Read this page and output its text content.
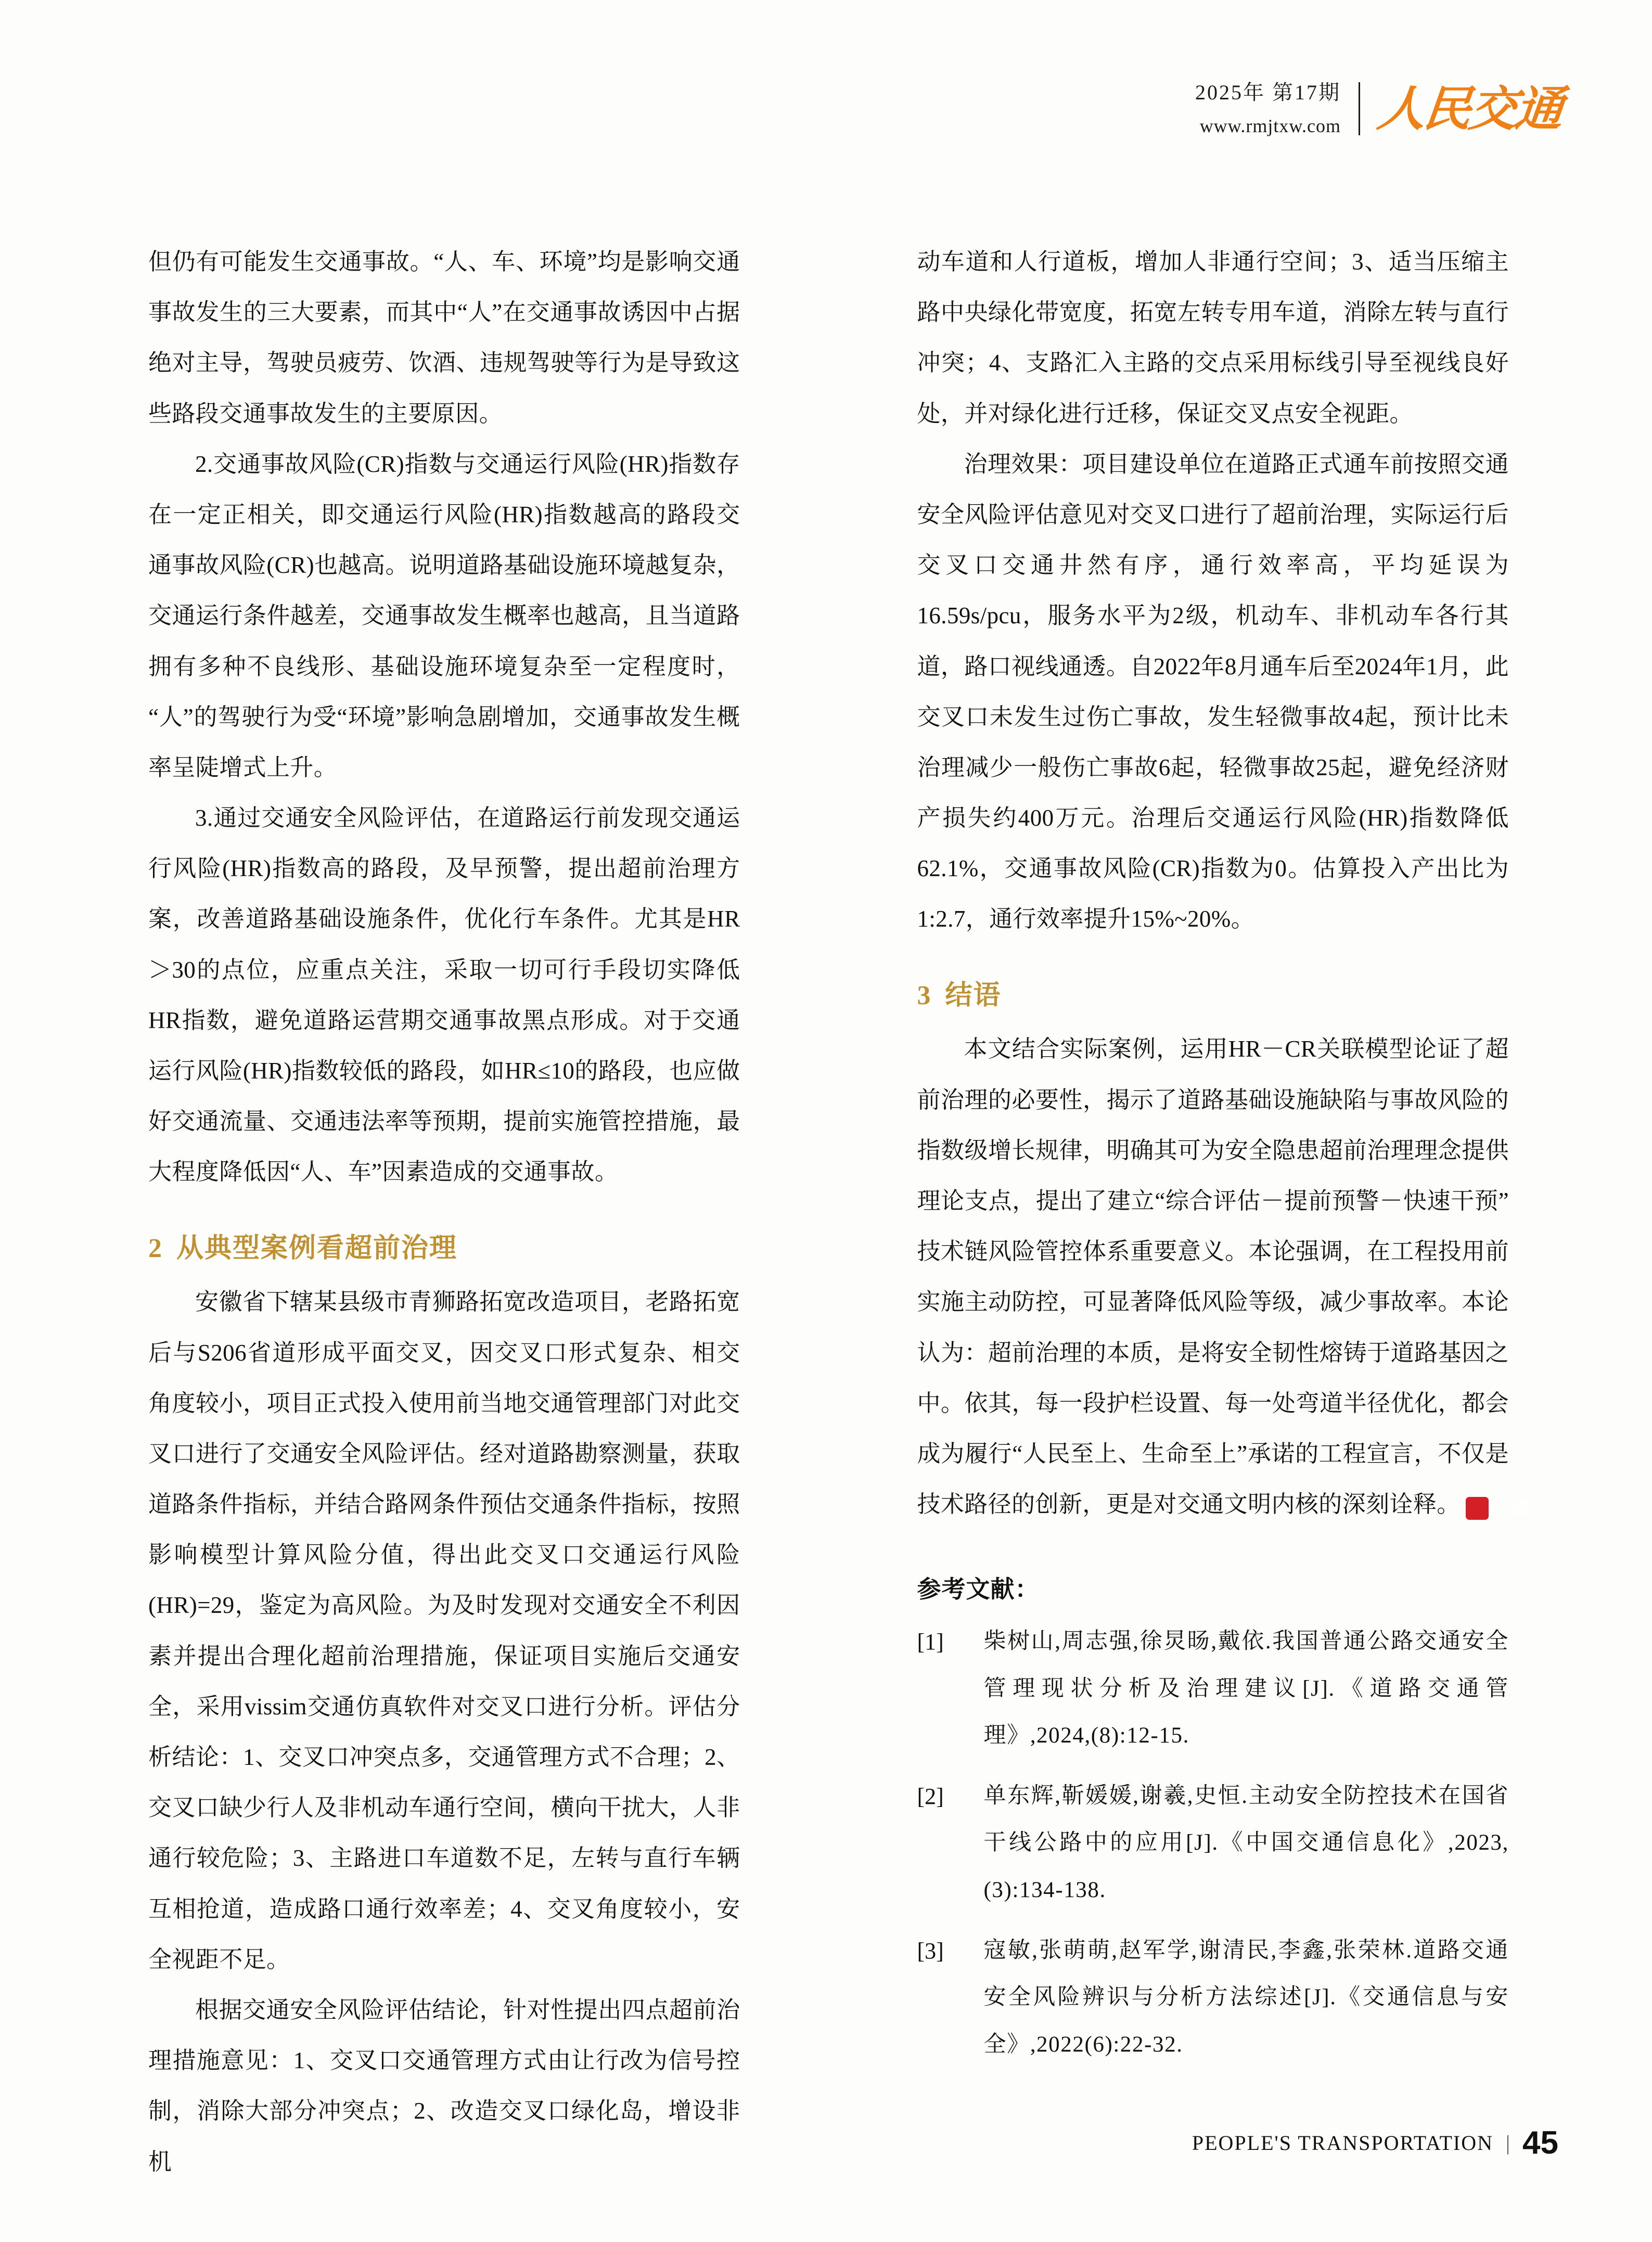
2025年 第17期
www.rmjtxw.com 人民交通

但仍有可能发生交通事故。“人、车、环境”均是影响交通事故发生的三大要素，而其中“人”在交通事故诱因中占据绝对主导，驾驶员疲劳、饮酒、违规驾驶等行为是导致这些路段交通事故发生的主要原因。

2.交通事故风险(CR)指数与交通运行风险(HR)指数存在一定正相关，即交通运行风险(HR)指数越高的路段交通事故风险(CR)也越高。说明道路基础设施环境越复杂，交通运行条件越差，交通事故发生概率也越高，且当道路拥有多种不良线形、基础设施环境复杂至一定程度时，“人”的驾驶行为受“环境”影响急剧增加，交通事故发生概率呈陡增式上升。

3.通过交通安全风险评估，在道路运行前发现交通运行风险(HR)指数高的路段，及早预警，提出超前治理方案，改善道路基础设施条件，优化行车条件。尤其是HR＞30的点位，应重点关注，采取一切可行手段切实降低HR指数，避免道路运营期交通事故黑点形成。对于交通运行风险(HR)指数较低的路段，如HR≤10的路段，也应做好交通流量、交通违法率等预期，提前实施管控措施，最大程度降低因“人、车”因素造成的交通事故。

2 从典型案例看超前治理

安徽省下辖某县级市青狮路拓宽改造项目，老路拓宽后与S206省道形成平面交叉，因交叉口形式复杂、相交角度较小，项目正式投入使用前当地交通管理部门对此交叉口进行了交通安全风险评估。经对道路勘察测量，获取道路条件指标，并结合路网条件预估交通条件指标，按照影响模型计算风险分值，得出此交叉口交通运行风险(HR)=29，鉴定为高风险。为及时发现对交通安全不利因素并提出合理化超前治理措施，保证项目实施后交通安全，采用vissim交通仿真软件对交叉口进行分析。评估分析结论：1、交叉口冲突点多，交通管理方式不合理；2、交叉口缺少行人及非机动车通行空间，横向干扰大，人非通行较危险；3、主路进口车道数不足，左转与直行车辆互相抢道，造成路口通行效率差；4、交叉角度较小，安全视距不足。

根据交通安全风险评估结论，针对性提出四点超前治理措施意见：1、交叉口交通管理方式由让行改为信号控制，消除大部分冲突点；2、改造交叉口绿化岛，增设非机

动车道和人行道板，增加人非通行空间；3、适当压缩主路中央绿化带宽度，拓宽左转专用车道，消除左转与直行冲突；4、支路汇入主路的交点采用标线引导至视线良好处，并对绿化进行迁移，保证交叉点安全视距。

治理效果：项目建设单位在道路正式通车前按照交通安全风险评估意见对交叉口进行了超前治理，实际运行后交叉口交通井然有序，通行效率高，平均延误为16.59s/pcu，服务水平为2级，机动车、非机动车各行其道，路口视线通透。自2022年8月通车后至2024年1月，此交叉口未发生过伤亡事故，发生轻微事故4起，预计比未治理减少一般伤亡事故6起，轻微事故25起，避免经济财产损失约400万元。治理后交通运行风险(HR)指数降低62.1%，交通事故风险(CR)指数为0。估算投入产出比为1:2.7，通行效率提升15%~20%。

3 结语

本文结合实际案例，运用HR－CR关联模型论证了超前治理的必要性，揭示了道路基础设施缺陷与事故风险的指数级增长规律，明确其可为安全隐患超前治理理念提供理论支点，提出了建立“综合评估－提前预警－快速干预”技术链风险管控体系重要意义。本论强调，在工程投用前实施主动防控，可显著降低风险等级，减少事故率。本论认为：超前治理的本质，是将安全韧性熔铸于道路基因之中。依其，每一段护栏设置、每一处弯道半径优化，都会成为履行“人民至上、生命至上”承诺的工程宣言，不仅是技术路径的创新，更是对交通文明内核的深刻诠释。	通

参考文献：
[1]	柴树山,周志强,徐炅旸,戴依.我国普通公路交通安全管理现状分析及治理建议[J].《道路交通管理》,2024,(8):12-15.
[2]	单东辉,靳媛媛,谢羲,史恒.主动安全防控技术在国省干线公路中的应用[J].《中国交通信息化》,2023,(3):134-138.
[3]	寇敏,张萌萌,赵军学,谢清民,李鑫,张荣林.道路交通安全风险辨识与分析方法综述[J].《交通信息与安全》,2022(6):22-32.
PEOPLE'S TRANSPORTATION | 45
